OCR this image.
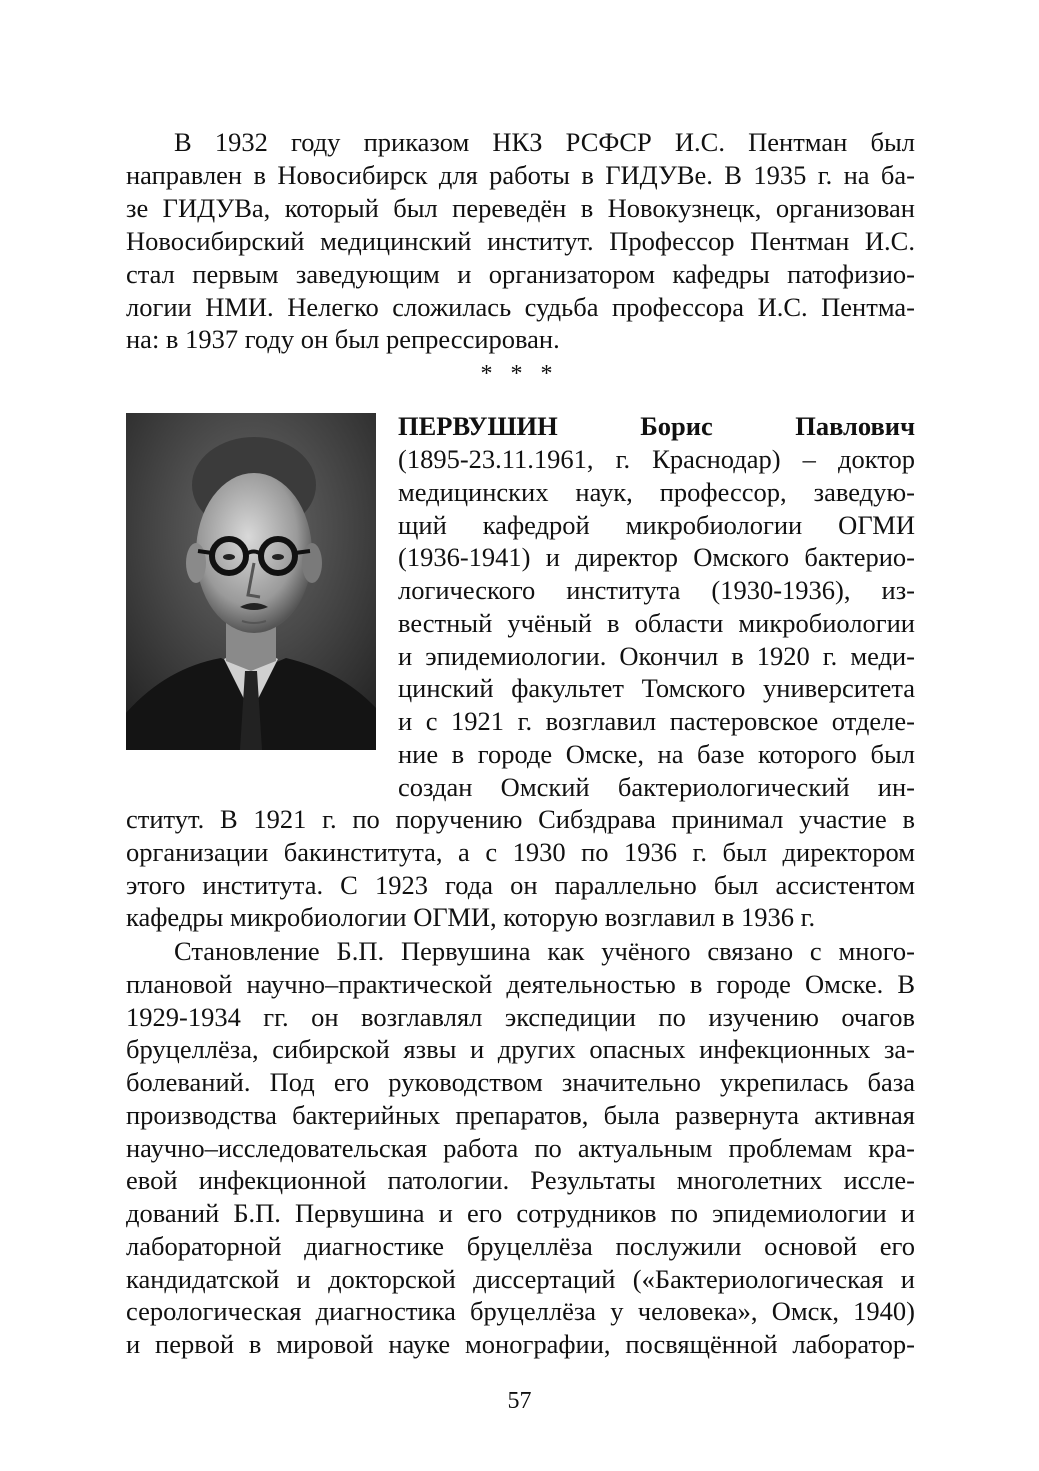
В 1932 году приказом НКЗ РСФСР И.С. Пентман был
направлен в Новосибирск для работы в ГИДУВе. В 1935 г. на ба-
зе ГИДУВа, который был переведён в Новокузнецк, организован
Новосибирский медицинский институт. Профессор Пентман И.С.
стал первым заведующим и организатором кафедры патофизио-
логии НМИ. Нелегко сложилась судьба профессора И.С. Пентма-
на: в 1937 году он был репрессирован.
* * *
ПЕРВУШИН	Борис	Павлович
(1895-23.11.1961, г. Краснодар) – доктор
медицинских наук, профессор, заведую-
щий кафедрой микробиологии ОГМИ
(1936-1941) и директор Омского бактерио-
логического института (1930-1936), из-
вестный учёный в области микробиологии
и эпидемиологии. Окончил в 1920 г. меди-
цинский факультет Томского университета
и с 1921 г. возглавил пастеровское отделе-
ние в городе Омске, на базе которого был
создан Омский бактериологический ин-
ститут. В 1921 г. по поручению Сибздрава принимал участие в
организации бакинститута, а с 1930 по 1936 г. был директором
этого института. С 1923 года он параллельно был ассистентом
кафедры микробиологии ОГМИ, которую возглавил в 1936 г.
Становление Б.П. Первушина как учёного связано с много-
плановой научно–практической деятельностью в городе Омске. В
1929-1934 гг. он возглавлял экспедиции по изучению очагов
бруцеллёза, сибирской язвы и других опасных инфекционных за-
болеваний. Под его руководством значительно укрепилась база
производства бактерийных препаратов, была развернута активная
научно–исследовательская работа по актуальным проблемам кра-
евой инфекционной патологии. Результаты многолетних иссле-
дований Б.П. Первушина и его сотрудников по эпидемиологии и
лабораторной диагностике бруцеллёза послужили основой его
кандидатской и докторской диссертаций («Бактериологическая и
серологическая диагностика бруцеллёза у человека», Омск, 1940)
и первой в мировой науке монографии, посвящённой лаборатор-
57
